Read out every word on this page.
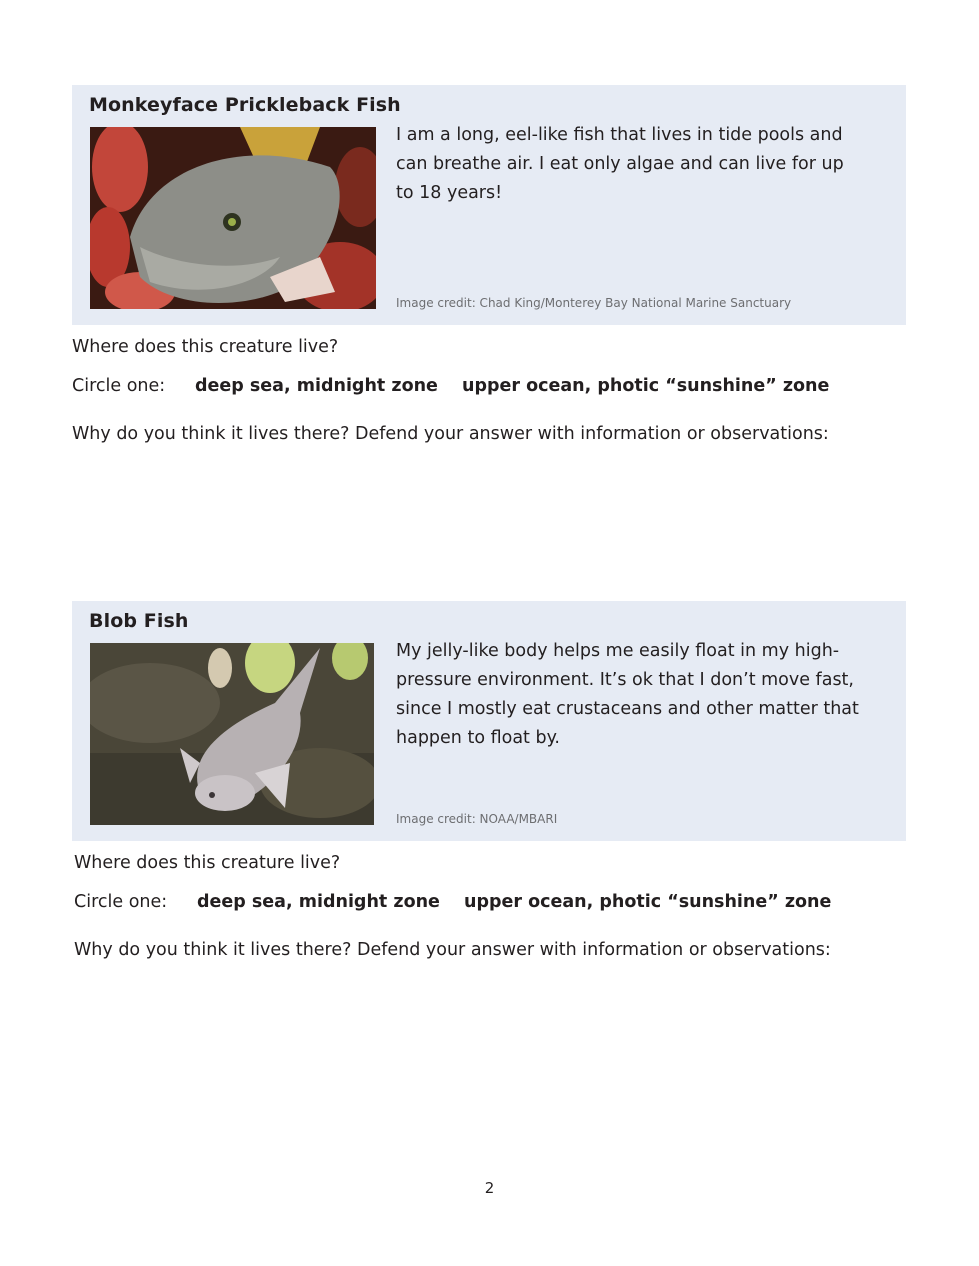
Monkeyface Prickleback Fish
I am a long, eel-like fish that lives in tide pools and can breathe air. I eat only algae and can live for up to 18 years!
Image credit: Chad King/Monterey Bay National Marine Sanctuary
Where does this creature live?
Circle one: deep sea, midnight zone upper ocean, photic “sunshine” zone
Why do you think it lives there? Defend your answer with information or observations:
Blob Fish
My jelly-like body helps me easily float in my high-pressure environment. It’s ok that I don’t move fast, since I mostly eat crustaceans and other matter that happen to float by.
Image credit: NOAA/MBARI
Where does this creature live?
Circle one: deep sea, midnight zone upper ocean, photic “sunshine” zone
Why do you think it lives there? Defend your answer with information or observations:
2
